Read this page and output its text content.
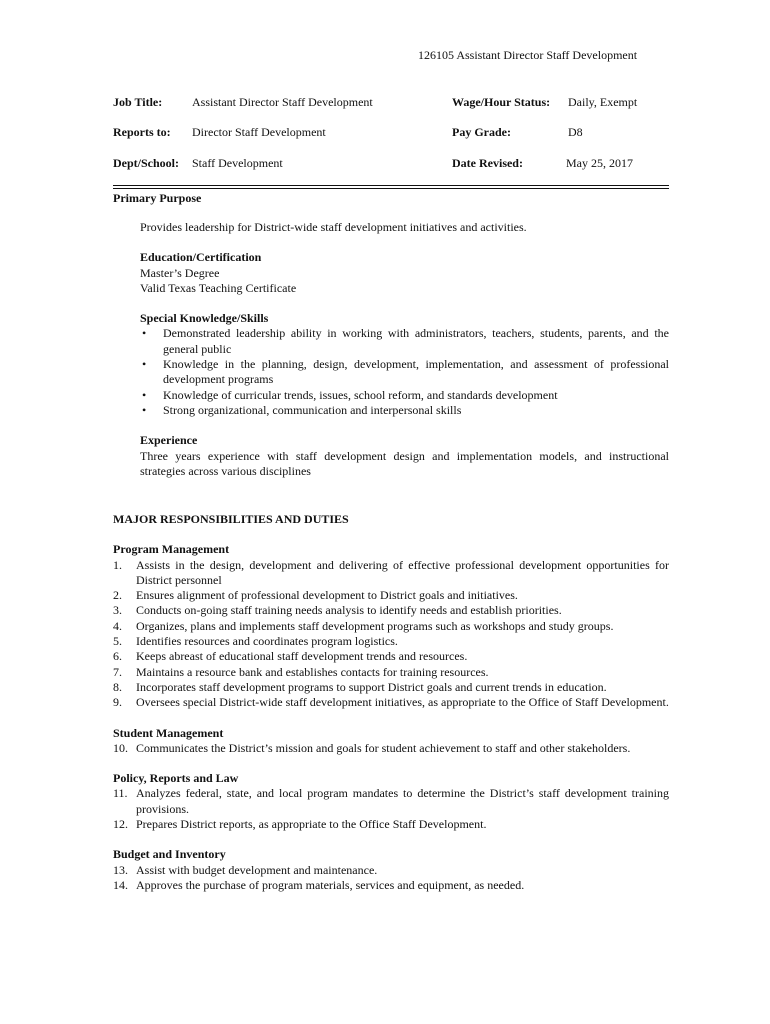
126105 Assistant Director Staff Development
Job Title: Assistant Director Staff Development	Wage/Hour Status: Daily, Exempt
Reports to: Director Staff Development	Pay Grade:	D8
Dept/School: Staff Development	Date Revised:	May 25, 2017
Primary Purpose
Provides leadership for District-wide staff development initiatives and activities.
Education/Certification
Master’s Degree
Valid Texas Teaching Certificate
Special Knowledge/Skills
• Demonstrated leadership ability in working with administrators, teachers, students, parents, and the general public
• Knowledge in the planning, design, development, implementation, and assessment of professional development programs
• Knowledge of curricular trends, issues, school reform, and standards development
• Strong organizational, communication and interpersonal skills
Experience
Three years experience with staff development design and implementation models, and instructional strategies across various disciplines
MAJOR RESPONSIBILITIES AND DUTIES
Program Management
1. Assists in the design, development and delivering of effective professional development opportunities for District personnel
2. Ensures alignment of professional development to District goals and initiatives.
3. Conducts on-going staff training needs analysis to identify needs and establish priorities.
4. Organizes, plans and implements staff development programs such as workshops and study groups.
5. Identifies resources and coordinates program logistics.
6. Keeps abreast of educational staff development trends and resources.
7. Maintains a resource bank and establishes contacts for training resources.
8. Incorporates staff development programs to support District goals and current trends in education.
9. Oversees special District-wide staff development initiatives, as appropriate to the Office of Staff Development.
Student Management
10. Communicates the District’s mission and goals for student achievement to staff and other stakeholders.
Policy, Reports and Law
11. Analyzes federal, state, and local program mandates to determine the District’s staff development training provisions.
12. Prepares District reports, as appropriate to the Office Staff Development.
Budget and Inventory
13. Assist with budget development and maintenance.
14. Approves the purchase of program materials, services and equipment, as needed.
